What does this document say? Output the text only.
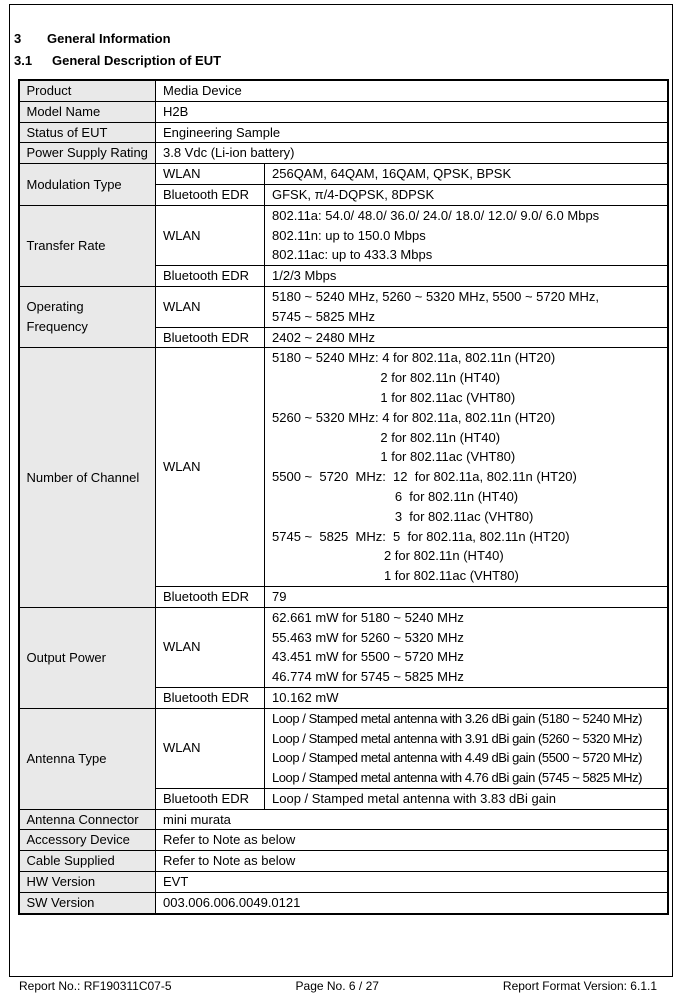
3 General Information
3.1 General Description of EUT
Product	Media Device	

Model Name	H2B	

Status of EUT	Engineering Sample	

Power Supply Rating	3.8 Vdc (Li-ion battery)	

Modulation Type	WLAN	256QAM, 64QAM, 16QAM, QPSK, BPSK

	Bluetooth EDR	GFSK, π/4-DQPSK, 8DPSK

Transfer Rate	WLAN	802.11a: 54.0/ 48.0/ 36.0/ 24.0/ 18.0/ 12.0/ 9.0/ 6.0 Mbps
802.11n: up to 150.0 Mbps
802.11ac: up to 433.3 Mbps

	Bluetooth EDR	1/2/3 Mbps

Operating Frequency	WLAN	5180 ~ 5240 MHz, 5260 ~ 5320 MHz, 5500 ~ 5720 MHz,
5745 ~ 5825 MHz

	Bluetooth EDR	2402 ~ 2480 MHz

Number of Channel	WLAN	
5180 ~ 5240 MHz: 4 for 802.11a, 802.11n (HT20)
2 for 802.11n (HT40)
1 for 802.11ac (VHT80)
5260 ~ 5320 MHz: 4 for 802.11a, 802.11n (HT20)
2 for 802.11n (HT40)
1 for 802.11ac (VHT80)
5500 ~  5720  MHz:  12  for 802.11a, 802.11n (HT20)
6  for 802.11n (HT40)
3  for 802.11ac (VHT80)
5745 ~  5825  MHz:  5  for 802.11a, 802.11n (HT20)
2 for 802.11n (HT40)
1 for 802.11ac (VHT80)

	Bluetooth EDR	79

Output Power	WLAN	62.661 mW for 5180 ~ 5240 MHz
55.463 mW for 5260 ~ 5320 MHz
43.451 mW for 5500 ~ 5720 MHz
46.774 mW for 5745 ~ 5825 MHz

	Bluetooth EDR	10.162 mW

Antenna Type	WLAN	Loop / Stamped metal antenna with 3.26 dBi gain (5180 ~ 5240 MHz)
Loop / Stamped metal antenna with 3.91 dBi gain (5260 ~ 5320 MHz)
Loop / Stamped metal antenna with 4.49 dBi gain (5500 ~ 5720 MHz)
Loop / Stamped metal antenna with 4.76 dBi gain (5745 ~ 5825 MHz)

	Bluetooth EDR	Loop / Stamped metal antenna with 3.83 dBi gain

Antenna Connector	mini murata	

Accessory Device	Refer to Note as below	

Cable Supplied	Refer to Note as below	

HW Version	EVT	

SW Version	003.006.006.0049.0121	
Report No.: RF190311C07-5	Page No. 6 / 27	Report Format Version: 6.1.1
